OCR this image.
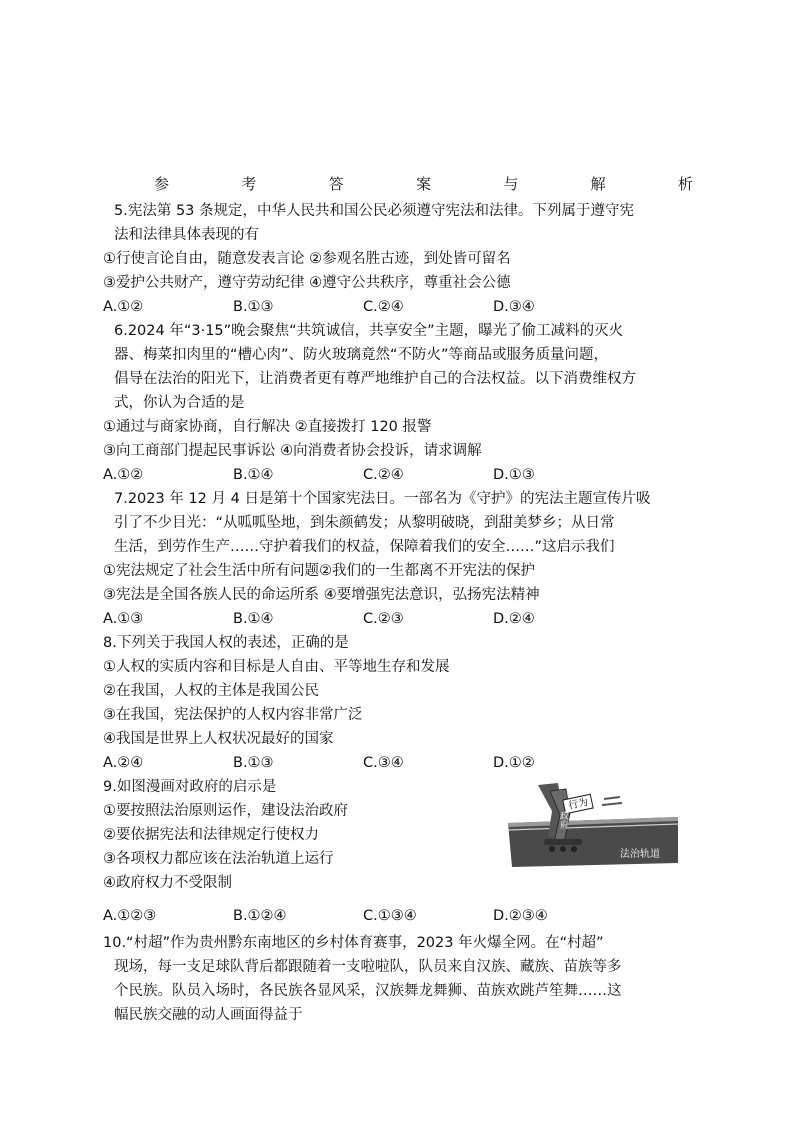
参	考	答	案	与	解	析
5.宪法第 53 条规定，中华人民共和国公民必须遵守宪法和法律。下列属于遵守宪
法和法律具体表现的有
①行使言论自由，随意发表言论 ②参观名胜古迹，到处皆可留名
③爱护公共财产，遵守劳动纪律 ④遵守公共秩序，尊重社会公德
A.①②	B.①③	C.②④	D.③④
6.2024 年“3·15”晚会聚焦“共筑诚信，共享安全”主题，曝光了偷工减料的灭火
器、梅菜扣肉里的“槽心肉”、防火玻璃竟然“不防火”等商品或服务质量问题，
倡导在法治的阳光下，让消费者更有尊严地维护自己的合法权益。以下消费维权方
式，你认为合适的是
①通过与商家协商，自行解决 ②直接拨打 120 报警
③向工商部门提起民事诉讼 ④向消费者协会投诉，请求调解
A.①②	B.①④	C.②④	D.①③
7.2023 年 12 月 4 日是第十个国家宪法日。一部名为《守护》的宪法主题宣传片吸
引了不少目光：“从呱呱坠地，到朱颜鹤发；从黎明破晓，到甜美梦乡；从日常
生活，到劳作生产……守护着我们的权益，保障着我们的安全……”这启示我们
①宪法规定了社会生活中所有问题②我们的一生都离不开宪法的保护
③宪法是全国各族人民的命运所系 ④要增强宪法意识，弘扬宪法精神
A.①③	B.①④	C.②③	D.②④
8.下列关于我国人权的表述，正确的是
①人权的实质内容和目标是人自由、平等地生存和发展
②在我国，人权的主体是我国公民
③在我国，宪法保护的人权内容非常广泛
④我国是世界上人权状况最好的国家
A.②④	B.①③	C.③④	D.①②
9.如图漫画对政府的启示是
①要按照法治原则运作，建设法治政府
②要依据宪法和法律规定行使权力
③各项权力都应该在法治轨道上运行
④政府权力不受限制
行为
政府
法治轨道
A.①②③	B.①②④	C.①③④	D.②③④
10.“村超”作为贵州黔东南地区的乡村体育赛事，2023 年火爆全网。在“村超”
现场，每一支足球队背后都跟随着一支啦啦队，队员来自汉族、藏族、苗族等多
个民族。队员入场时，各民族各显风采，汉族舞龙舞狮、苗族欢跳芦笙舞……这
幅民族交融的动人画面得益于
